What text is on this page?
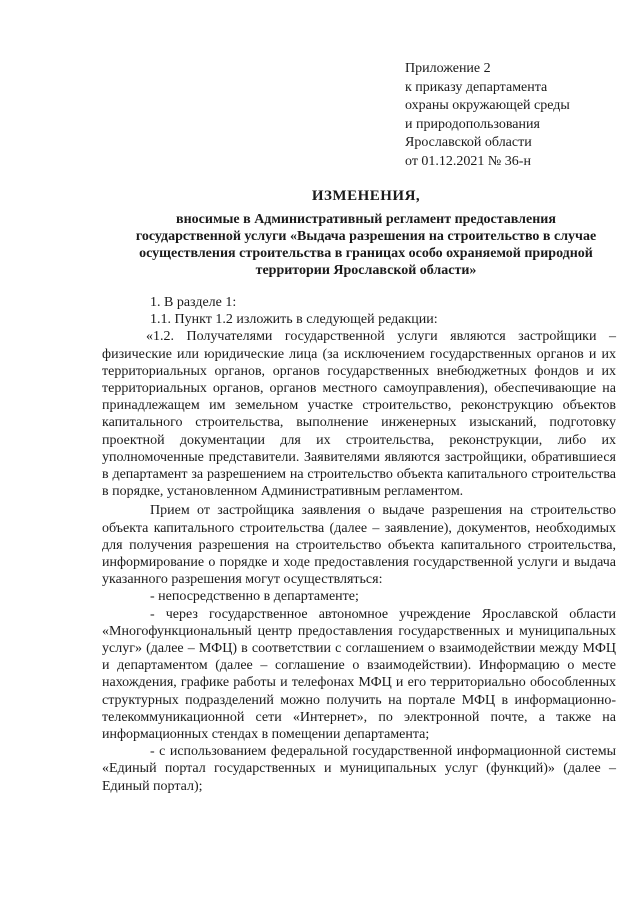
Приложение 2
к приказу департамента
охраны окружающей среды
и природопользования
Ярославской области
от 01.12.2021 № 36-н
ИЗМЕНЕНИЯ,
вносимые в Административный регламент предоставления
государственной услуги «Выдача разрешения на строительство в случае
осуществления строительства в границах особо охраняемой природной
территории Ярославской области»

1. В разделе 1:

1.1. Пункт 1.2 изложить в следующей редакции:

«1.2. Получателями государственной услуги являются застройщики – физические или юридические лица (за исключением государственных органов и их территориальных органов, органов государственных внебюджетных фондов и их территориальных органов, органов местного самоуправления), обеспечивающие на принадлежащем им земельном участке строительство, реконструкцию объектов капитального строительства, выполнение инженерных изысканий, подготовку проектной документации для их строительства, реконструкции, либо их уполномоченные представители. Заявителями являются застройщики, обратившиеся в департамент за разрешением на строительство объекта капитального строительства в порядке, установленном Административным регламентом.

Прием от застройщика заявления о выдаче разрешения на строительство объекта капитального строительства (далее – заявление), документов, необходимых для получения разрешения на строительство объекта капитального строительства, информирование о порядке и ходе предоставления государственной услуги и выдача указанного разрешения могут осуществляться:

- непосредственно в департаменте;

- через государственное автономное учреждение Ярославской области «Многофункциональный центр предоставления государственных и муниципальных услуг» (далее – МФЦ) в соответствии с соглашением о взаимодействии между МФЦ и департаментом (далее – соглашение о взаимодействии). Информацию о месте нахождения, графике работы и телефонах МФЦ и его территориально обособленных структурных подразделений можно получить на портале МФЦ в информационно-телекоммуникационной сети «Интернет», по электронной почте, а также на информационных стендах в помещении департамента;

- с использованием федеральной государственной информационной системы «Единый портал государственных и муниципальных услуг (функций)» (далее – Единый портал);
